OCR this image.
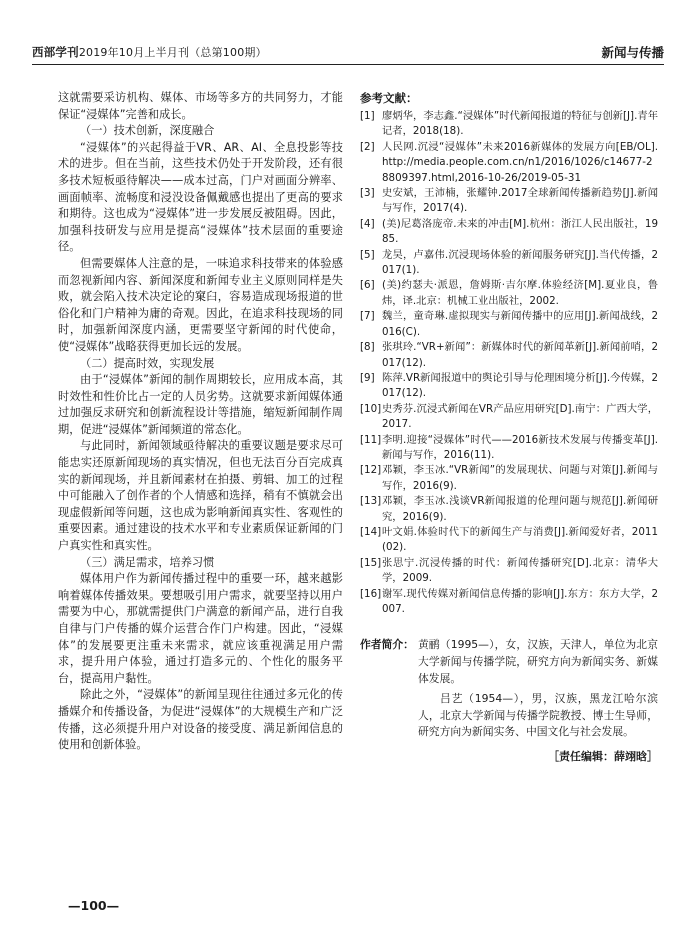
西部学刊2019年10月上半月刊（总第100期）	新闻与传播

这就需要采访机构、媒体、市场等多方的共同努力，才能保证“浸媒体”完善和成长。

（一）技术创新，深度融合

“浸媒体”的兴起得益于VR、AR、AI、全息投影等技术的进步。但在当前，这些技术仍处于开发阶段，还有很多技术短板亟待解决——成本过高，门户对画面分辨率、画面帧率、流畅度和浸没设备佩戴感也提出了更高的要求和期待。这也成为“浸媒体”进一步发展反被阻碍。因此，加强科技研发与应用是提高“浸媒体”技术层面的重要途径。

但需要媒体人注意的是，一味追求科技带来的体验感而忽视新闻内容、新闻深度和新闻专业主义原则同样是失败，就会陷入技术决定论的窠臼，容易造成现场报道的世俗化和门户精神为庸的奇观。因此，在追求科技现场的同时，加强新闻深度内涵，更需要坚守新闻的时代使命，使“浸媒体”战略获得更加长远的发展。

（二）提高时效，实现发展

由于“浸媒体”新闻的制作周期较长，应用成本高，其时效性和性价比占一定的人员劣势。这就要求新闻媒体通过加强反求研究和创新流程设计等措施，缩短新闻制作周期，促进“浸媒体”新闻频道的常态化。

与此同时，新闻领域亟待解决的重要议题是要求尽可能忠实还原新闻现场的真实情况，但也无法百分百完成真实的新闻现场，并且新闻素材在拍摄、剪辑、加工的过程中可能融入了创作者的个人情感和选择，稍有不慎就会出现虚假新闻等问题，这也成为影响新闻真实性、客观性的重要因素。通过建设的技术水平和专业素质保证新闻的门户真实性和真实性。

（三）满足需求，培养习惯

媒体用户作为新闻传播过程中的重要一环，越来越影响着媒体传播效果。要想吸引用户需求，就要坚持以用户需要为中心，那就需提供门户满意的新闻产品，进行自我自律与门户传播的媒介运营合作门户构建。因此，“浸媒体”的发展要更注重未来需求，就应该重视满足用户需求，提升用户体验，通过打造多元的、个性化的服务平台，提高用户黏性。

除此之外，“浸媒体”的新闻呈现往往通过多元化的传播媒介和传播设备，为促进“浸媒体”的大规模生产和广泛传播，这必须提升用户对设备的接受度、满足新闻信息的使用和创新体验。

参考文献：
[1] 廖炳华，李志鑫.“浸媒体”时代新闻报道的特征与创新[J].青年记者，2018(18).
[2] 人民网.沉浸“浸媒体”未来2016新媒体的发展方向[EB/OL]. http://media.people.com.cn/n1/2016/1026/c14677-28809397.html,2016-10-26/2019-05-31
[3] 史安斌，王沛楠，张耀钟.2017全球新闻传播新趋势[J].新闻与写作，2017(4).
[4] (美)尼葛洛庞帝.未来的冲击[M].杭州：浙江人民出版社，1985.
[5] 龙昊，卢嘉伟.沉浸现场体验的新闻服务研究[J].当代传播，2017(1).
[6] (美)约瑟夫·派恩，詹姆斯·吉尔摩.体验经济[M].夏业良，鲁炜，译.北京：机械工业出版社，2002.
[7] 魏兰，童奇琳.虚拟现实与新闻传播中的应用[J].新闻战线，2016(C).
[8] 张琪玲.“VR+新闻”：新媒体时代的新闻革新[J].新闻前哨，2017(12).
[9] 陈萍.VR新闻报道中的舆论引导与伦理困境分析[J].今传媒，2017(12).
[10] 史秀芬.沉浸式新闻在VR产品应用研究[D].南宁：广西大学，2017.
[11] 李明.迎接“浸媒体”时代——2016新技术发展与传播变革[J].新闻与写作，2016(11).
[12] 邓颖，李玉冰.“VR新闻”的发展现状、问题与对策[J].新闻与写作，2016(9).
[13] 邓颖，李玉冰.浅谈VR新闻报道的伦理问题与规范[J].新闻研究，2016(9).
[14] 叶文娟.体验时代下的新闻生产与消费[J].新闻爱好者，2011(02).
[15] 张思宁.沉浸传播的时代：新闻传播研究[D].北京：清华大学，2009.
[16] 谢军.现代传媒对新闻信息传播的影响[J].东方：东方大学，2007.
作者简介： 黄鹂（1995—），女，汉族，天津人，单位为北京大学新闻与传播学院，研究方向为新闻实务、新媒体发展。

吕艺（1954—），男，汉族，黑龙江哈尔滨人，北京大学新闻与传播学院教授、博士生导师，研究方向为新闻实务、中国文化与社会发展。

［责任编辑：薛翊晗］
—100—
